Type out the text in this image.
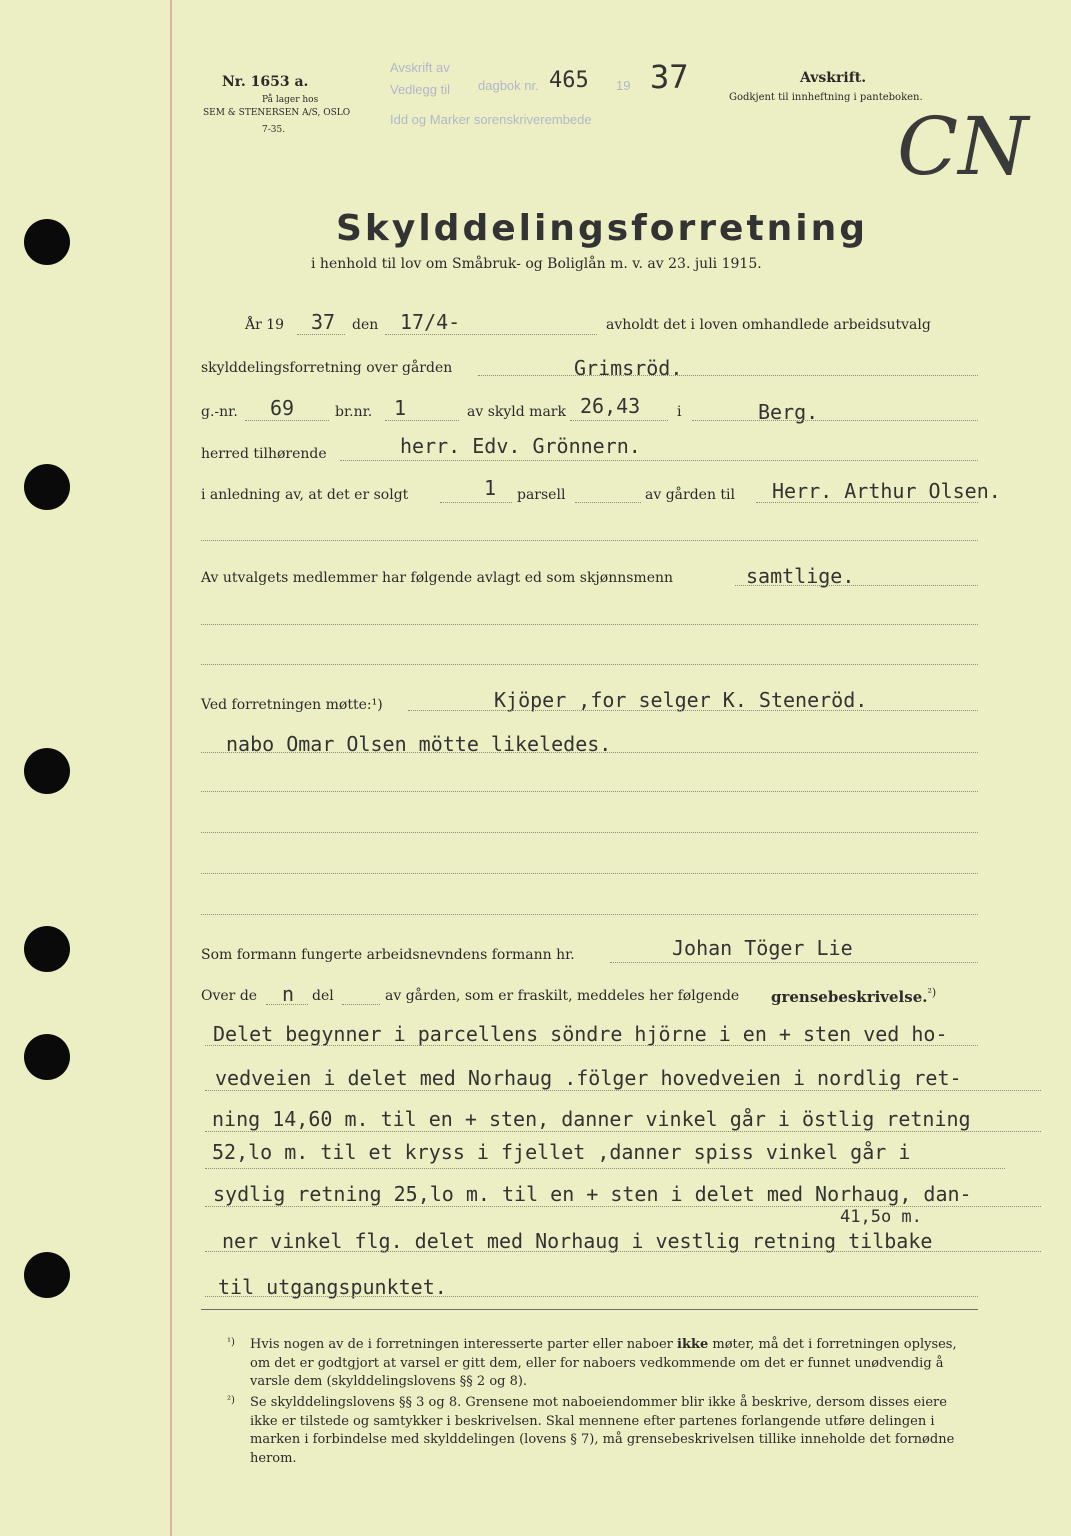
Nr. 1653 a.
På lager hos
SEM & STENERSEN A/S, OSLO
7-35.
Avskrift av
Vedlegg til
Idd og Marker sorenskriverembede
dagbok nr. 465 19 37	Avskrift.
Godkjent til innheftning i panteboken.
CN
Skylddelingsforretning
i henhold til lov om Småbruk- og Boliglån m. v. av 23. juli 1915.
År 19 37 den 17/4-	avholdt det i loven omhandlede arbeidsutvalg
skylddelingsforretning over gården	Grimsröd.
g.-nr. 69	br.nr. 1	av skyld mark 26,43	i	Berg.
herred tilhørende	herr. Edv. Grönnern.
i anledning av, at det er solgt	1 parsell	av gården til Herr. Arthur Olsen.
Av utvalgets medlemmer har følgende avlagt ed som skjønnsmenn	samtlige.
Ved forretningen møtte:¹)	Kjöper ,for selger K. Steneröd.
nabo Omar Olsen mötte likeledes.
Som formann fungerte arbeidsnevndens formann hr.	Johan Töger Lie
Over de n del	av gården, som er fraskilt, meddeles her følgende grensebeskrivelse.$^{^2)}$
Delet begynner i parcellens söndre hjörne i en + sten ved ho-
vedveien i delet med Norhaug .fölger hovedveien i nordlig ret-
ning 14,60 m. til en + sten, danner vinkel går i östlig retning
52,lo m. til et kryss i fjellet ,danner spiss vinkel går i
sydlig retning 25,lo m. til en + sten i delet med Norhaug, dan-
41,5o m.
ner vinkel flg. delet med Norhaug i vestlig retning tilbake
til utgangspunktet.
¹) Hvis nogen av de i forretningen interesserte parter eller naboer ikke møter, må det i forretningen oplyses, om det er godtgjort at varsel er gitt dem, eller for naboers vedkommende om det er funnet unødvendig å varsle dem (skylddelingslovens §§ 2 og 8).
²) Se skylddelingslovens §§ 3 og 8. Grensene mot naboeiendommer blir ikke å beskrive, dersom disses eiere ikke er tilstede og samtykker i beskrivelsen. Skal mennene efter partenes forlangende utføre delingen i marken i forbindelse med skylddelingen (lovens § 7), må grensebeskrivelsen tillike inneholde det fornødne herom.
